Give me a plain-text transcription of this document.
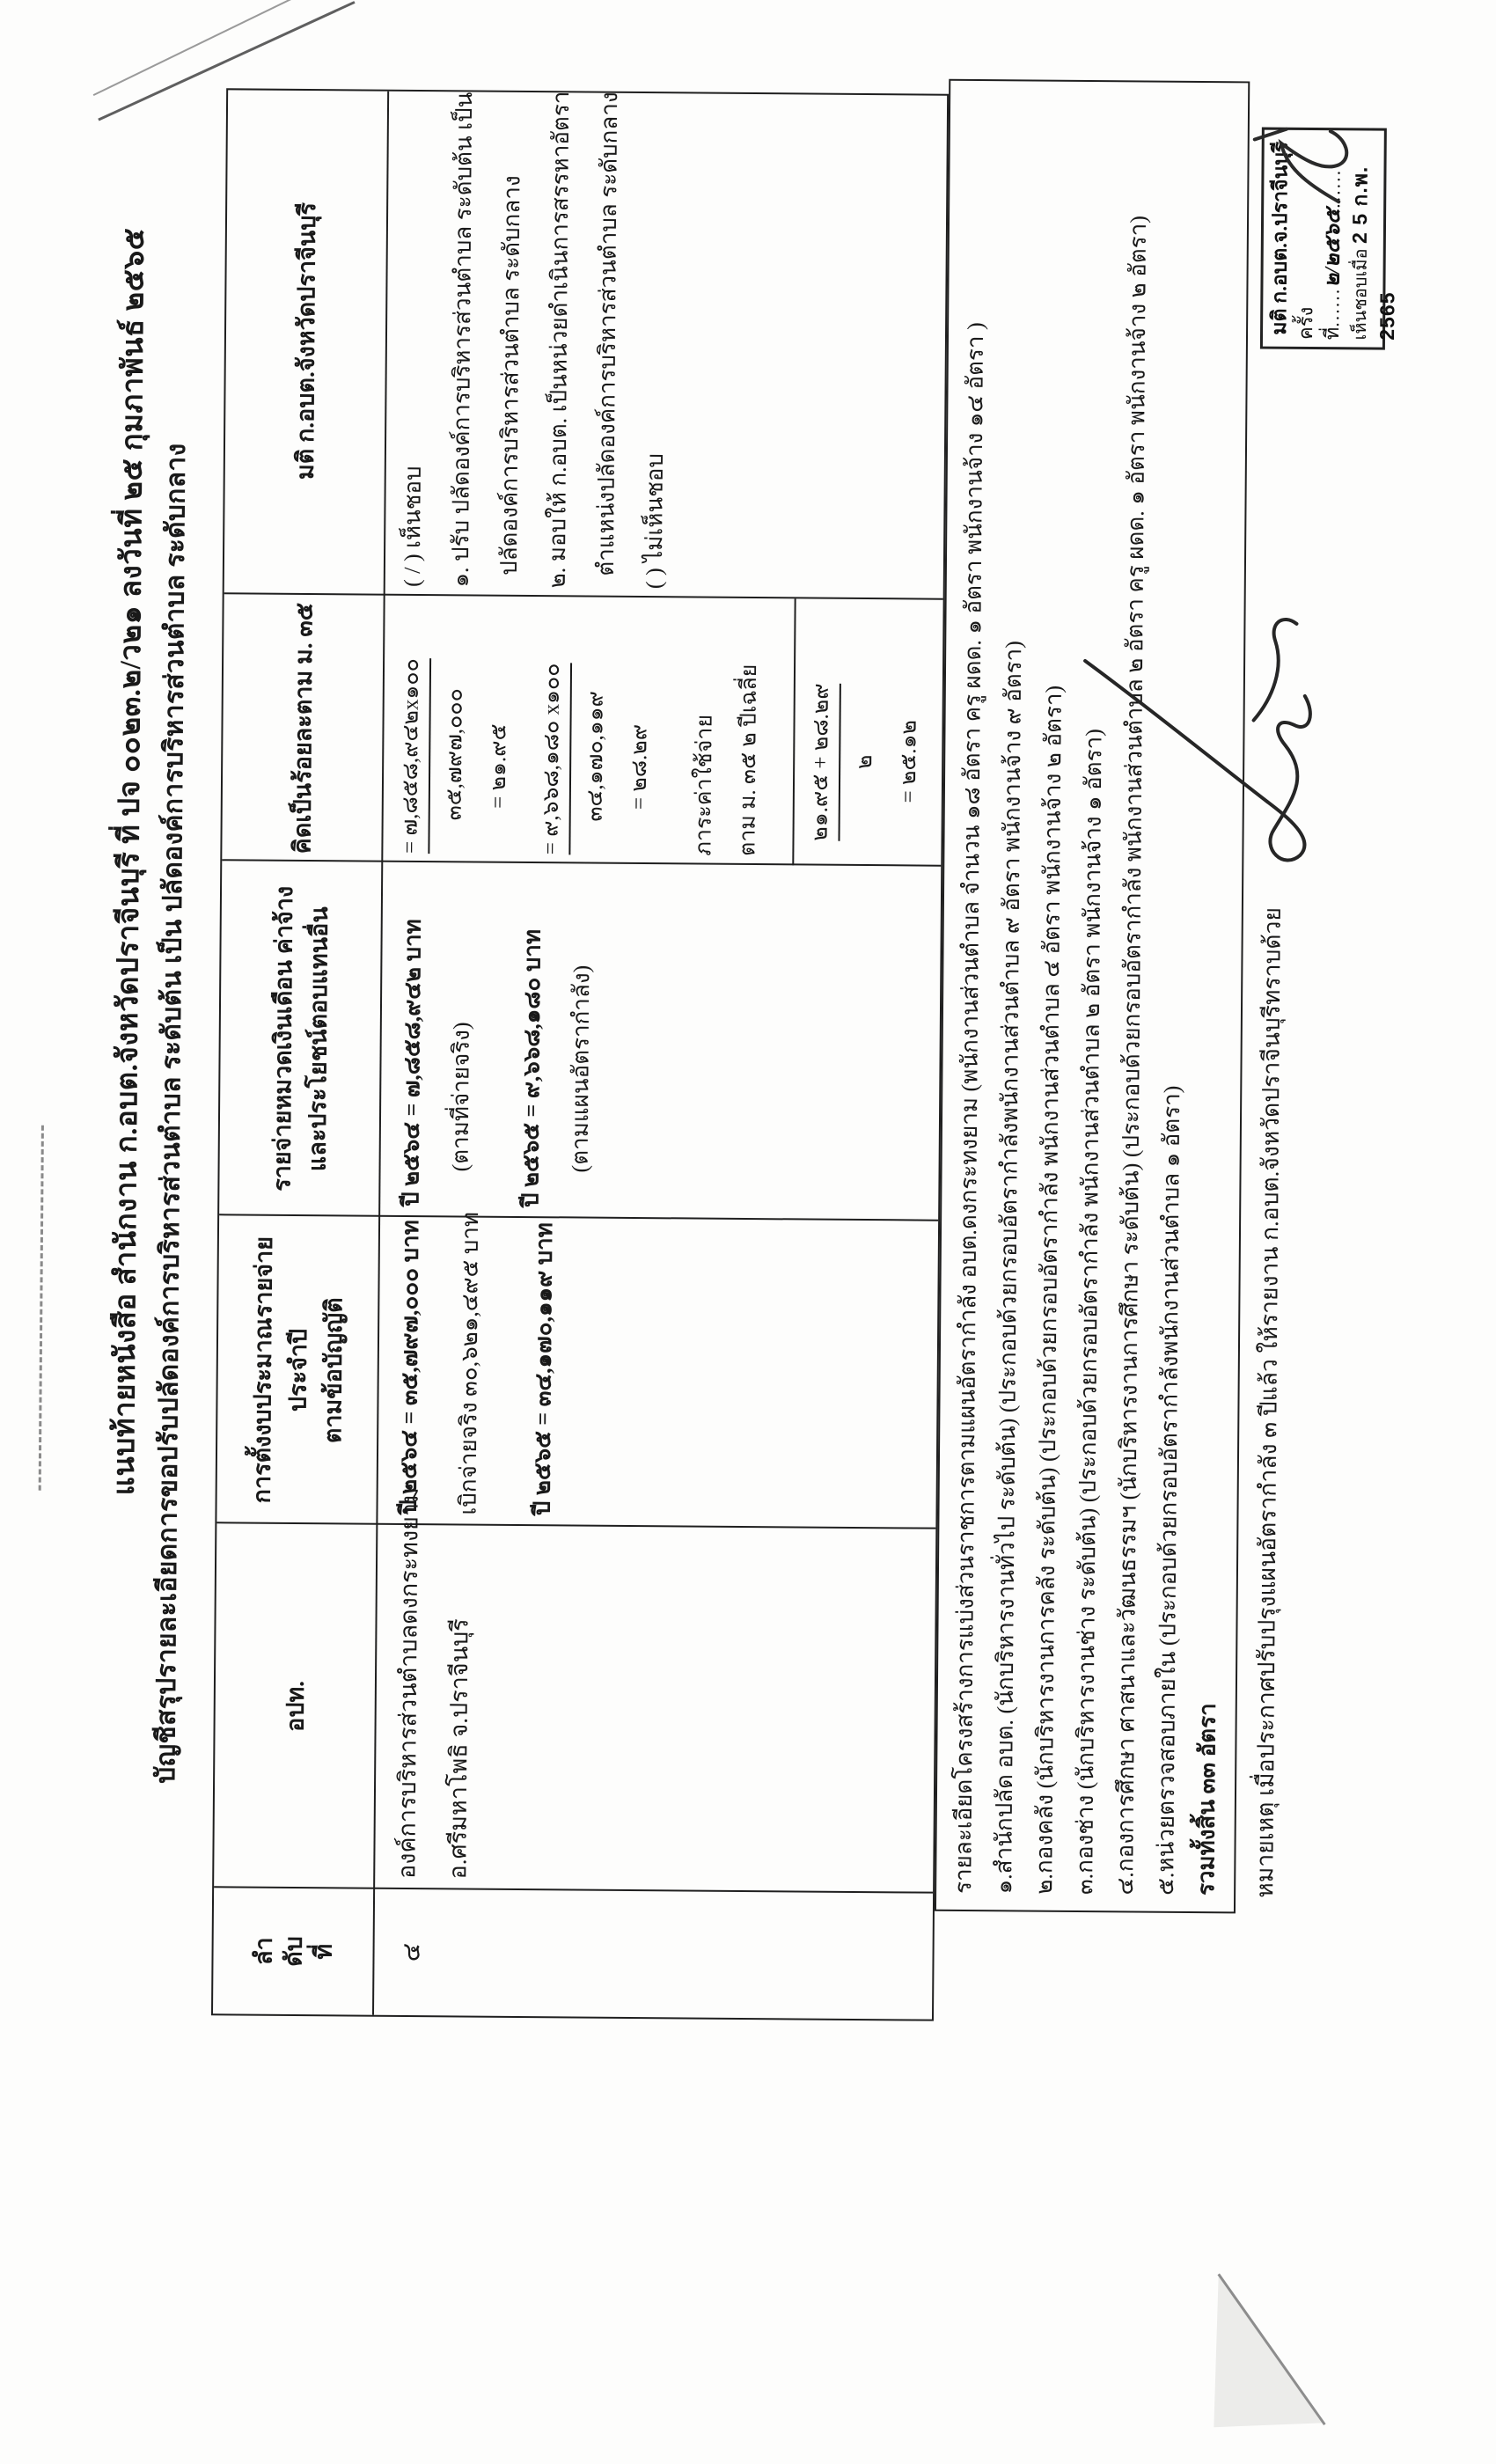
แนบท้ายหนังสือ สำนักงาน ก.อบต.จังหวัดปราจีนบุรี ที่ ปจ ๐๐๒๓.๒/ว๒๑ ลงวันที่ ๒๕ กุมภาพันธ์ ๒๕๖๕ บัญชีสรุปรายละเอียดการขอปรับปลัดองค์การบริหารส่วนตำบล ระดับต้น เป็น ปลัดองค์การบริหารส่วนตำบล ระดับกลาง
ลำ ดับ ที่
อปท.
การตั้งงบประมาณรายจ่ายประจำปี ตามข้อบัญญัติ
รายจ่ายหมวดเงินเดือน ค่าจ้าง และประโยชน์ตอบแทนอื่น
คิดเป็นร้อยละตาม ม. ๓๕
มติ ก.อบต.จังหวัดปราจีนบุรี
๔
องค์การบริหารส่วนตำบลดงกระทงยาม อ.ศรีมหาโพธิ จ.ปราจีนบุรี
ปี ๒๕๖๔ = ๓๕,๗๙๗,๐๐๐ บาท เบิกจ่ายจริง ๓๐,๖๒๑,๔๙๕ บาท ปี ๒๕๖๕ = ๓๔,๑๗๐,๑๑๙ บาท
ปี ๒๕๖๔ = ๗,๘๕๘,๙๔๒ บาท (ตามที่จ่ายจริง) ปี ๒๕๖๕ = ๙,๖๖๘,๑๘๐ บาท (ตามแผนอัตรากำลัง)
= ๗,๘๕๘,๙๔๒x๑๐๐ ๓๕,๗๙๗,๐๐๐ = ๒๑.๙๕ = ๙,๖๖๘,๑๘๐ x๑๐๐ ๓๔,๑๗๐,๑๑๙ = ๒๘.๒๙ ภาระค่าใช้จ่าย ตาม ม. ๓๕ ๒ ปีเฉลี่ย ๒๑.๙๕ + ๒๘.๒๙ ๒ = ๒๕.๑๒
( / ) เห็นชอบ ๑. ปรับ ปลัดองค์การบริหารส่วนตำบล ระดับต้น เป็น ปลัดองค์การบริหารส่วนตำบล ระดับกลาง ๒. มอบให้ ก.อบต. เป็นหน่วยดำเนินการสรรหาอัตรา ตำแหน่งปลัดองค์การบริหารส่วนตำบล ระดับกลาง ( ) ไม่เห็นชอบ	รายละเอียดโครงสร้างการแบ่งส่วนราชการตามแผนอัตรากำลัง อบต.ดงกระทงยาม (พนักงานส่วนตำบล จำนวน ๑๘ อัตรา ครู ผดด. ๑ อัตรา พนักงานจ้าง ๑๔ อัตรา ) ๑.สำนักปลัด อบต. (นักบริหารงานทั่วไป ระดับต้น) (ประกอบด้วยกรอบอัตรากำลังพนักงานส่วนตำบล ๙ อัตรา พนักงานจ้าง ๙ อัตรา) ๒.กองคลัง (นักบริหารงานการคลัง ระดับต้น) (ประกอบด้วยกรอบอัตรากำลัง พนักงานส่วนตำบล ๔ อัตรา พนักงานจ้าง ๒ อัตรา) ๓.กองช่าง (นักบริหารงานช่าง ระดับต้น) (ประกอบด้วยกรอบอัตรากำลัง พนักงานส่วนตำบล ๒ อัตรา พนักงานจ้าง ๑ อัตรา) ๔.กองการศึกษา ศาสนาและวัฒนธรรมฯ (นักบริหารงานการศึกษา ระดับต้น) (ประกอบด้วยกรอบอัตรากำลัง พนักงานส่วนตำบล ๒ อัตรา ครู ผดด. ๑ อัตรา พนักงานจ้าง ๒ อัตรา) ๕.หน่วยตรวจสอบภายใน (ประกอบด้วยกรอบอัตรากำลังพนักงานส่วนตำบล ๑ อัตรา) รวมทั้งสิ้น ๓๓ อัตรา หมายเหตุ เมื่อประกาศปรับปรุงแผนอัตรากำลัง ๓ ปีแล้ว ให้รายงาน ก.อบต.จังหวัดปราจีนบุรีทราบด้วย
มติ ก.อบต.จ.ปราจีนบุรี ครั้งที่......๒/๒๕๖๕......
เห็นชอบเมื่อ 2 5 ก.พ. 2565
